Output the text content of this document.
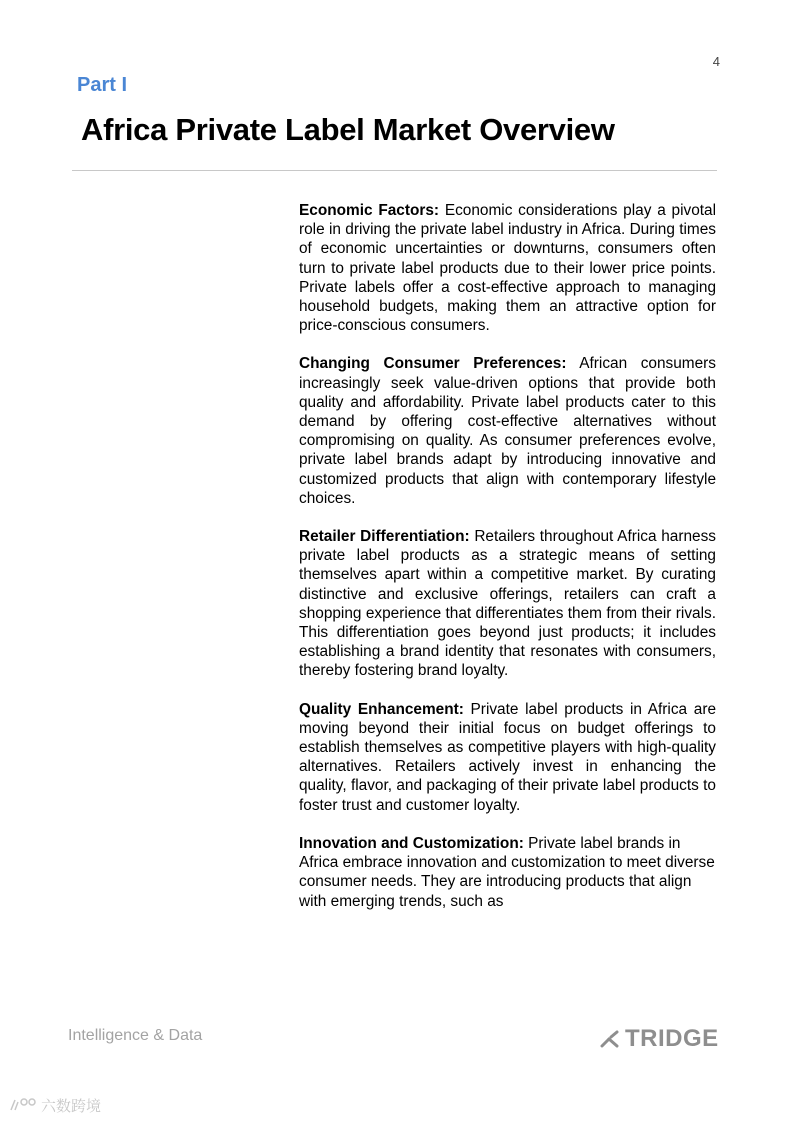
4
Part I
Africa Private Label Market Overview

Economic Factors: Economic considerations play a pivotal role in driving the private label industry in Africa. During times of economic uncertainties or downturns, consumers often turn to private label products due to their lower price points. Private labels offer a cost-effective approach to managing household budgets, making them an attractive option for price-conscious consumers.

Changing Consumer Preferences: African consumers increasingly seek value-driven options that provide both quality and affordability. Private label products cater to this demand by offering cost-effective alternatives without compromising on quality. As consumer preferences evolve, private label brands adapt by introducing innovative and customized products that align with contemporary lifestyle choices.

Retailer Differentiation: Retailers throughout Africa harness private label products as a strategic means of setting themselves apart within a competitive market. By curating distinctive and exclusive offerings, retailers can craft a shopping experience that differentiates them from their rivals. This differentiation goes beyond just products; it includes establishing a brand identity that resonates with consumers, thereby fostering brand loyalty.

Quality Enhancement: Private label products in Africa are moving beyond their initial focus on budget offerings to establish themselves as competitive players with high-quality alternatives. Retailers actively invest in enhancing the quality, flavor, and packaging of their private label products to foster trust and customer loyalty.

Innovation and Customization: Private label brands in Africa embrace innovation and customization to meet diverse consumer needs. They are introducing products that align with emerging trends, such as

Intelligence & Data	TRIDGE
六数跨境
